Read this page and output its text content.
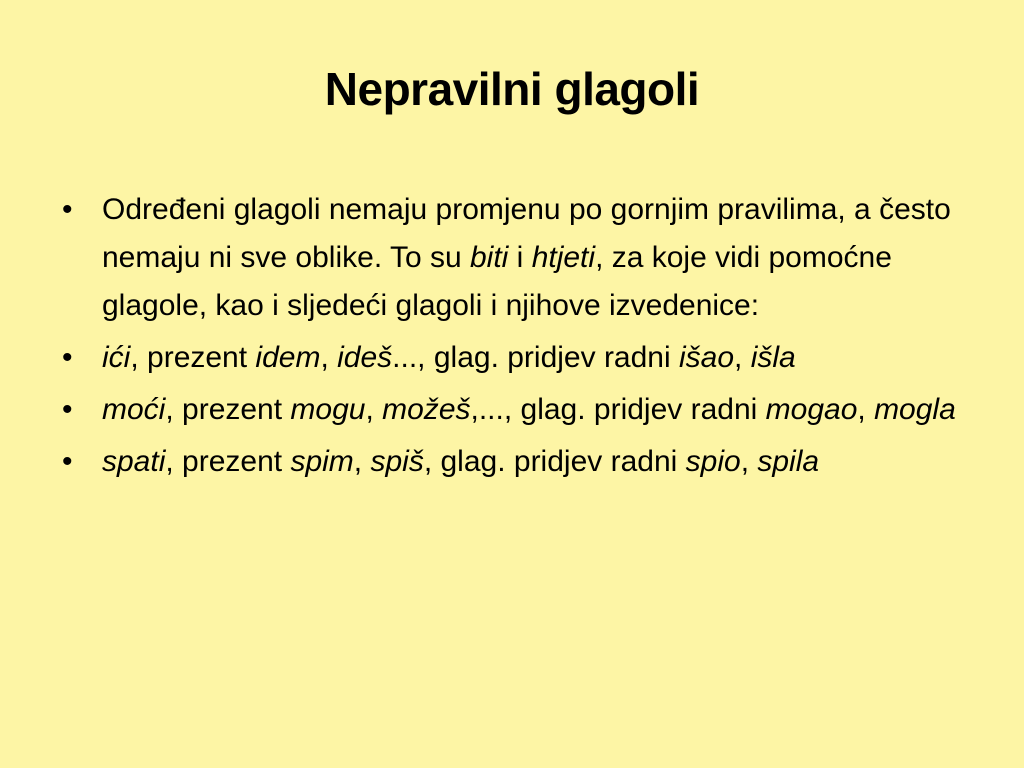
Nepravilni glagoli
• Određeni glagoli nemaju promjenu po gornjim pravilima, a često nemaju ni sve oblike. To su biti i htjeti, za koje vidi pomoćne glagole, kao i sljedeći glagoli i njihove izvedenice:
• ići, prezent idem, ideš..., glag. pridjev radni išao, išla
• moći, prezent mogu, možeš,..., glag. pridjev radni mogao, mogla
• spati, prezent spim, spiš, glag. pridjev radni spio, spila
